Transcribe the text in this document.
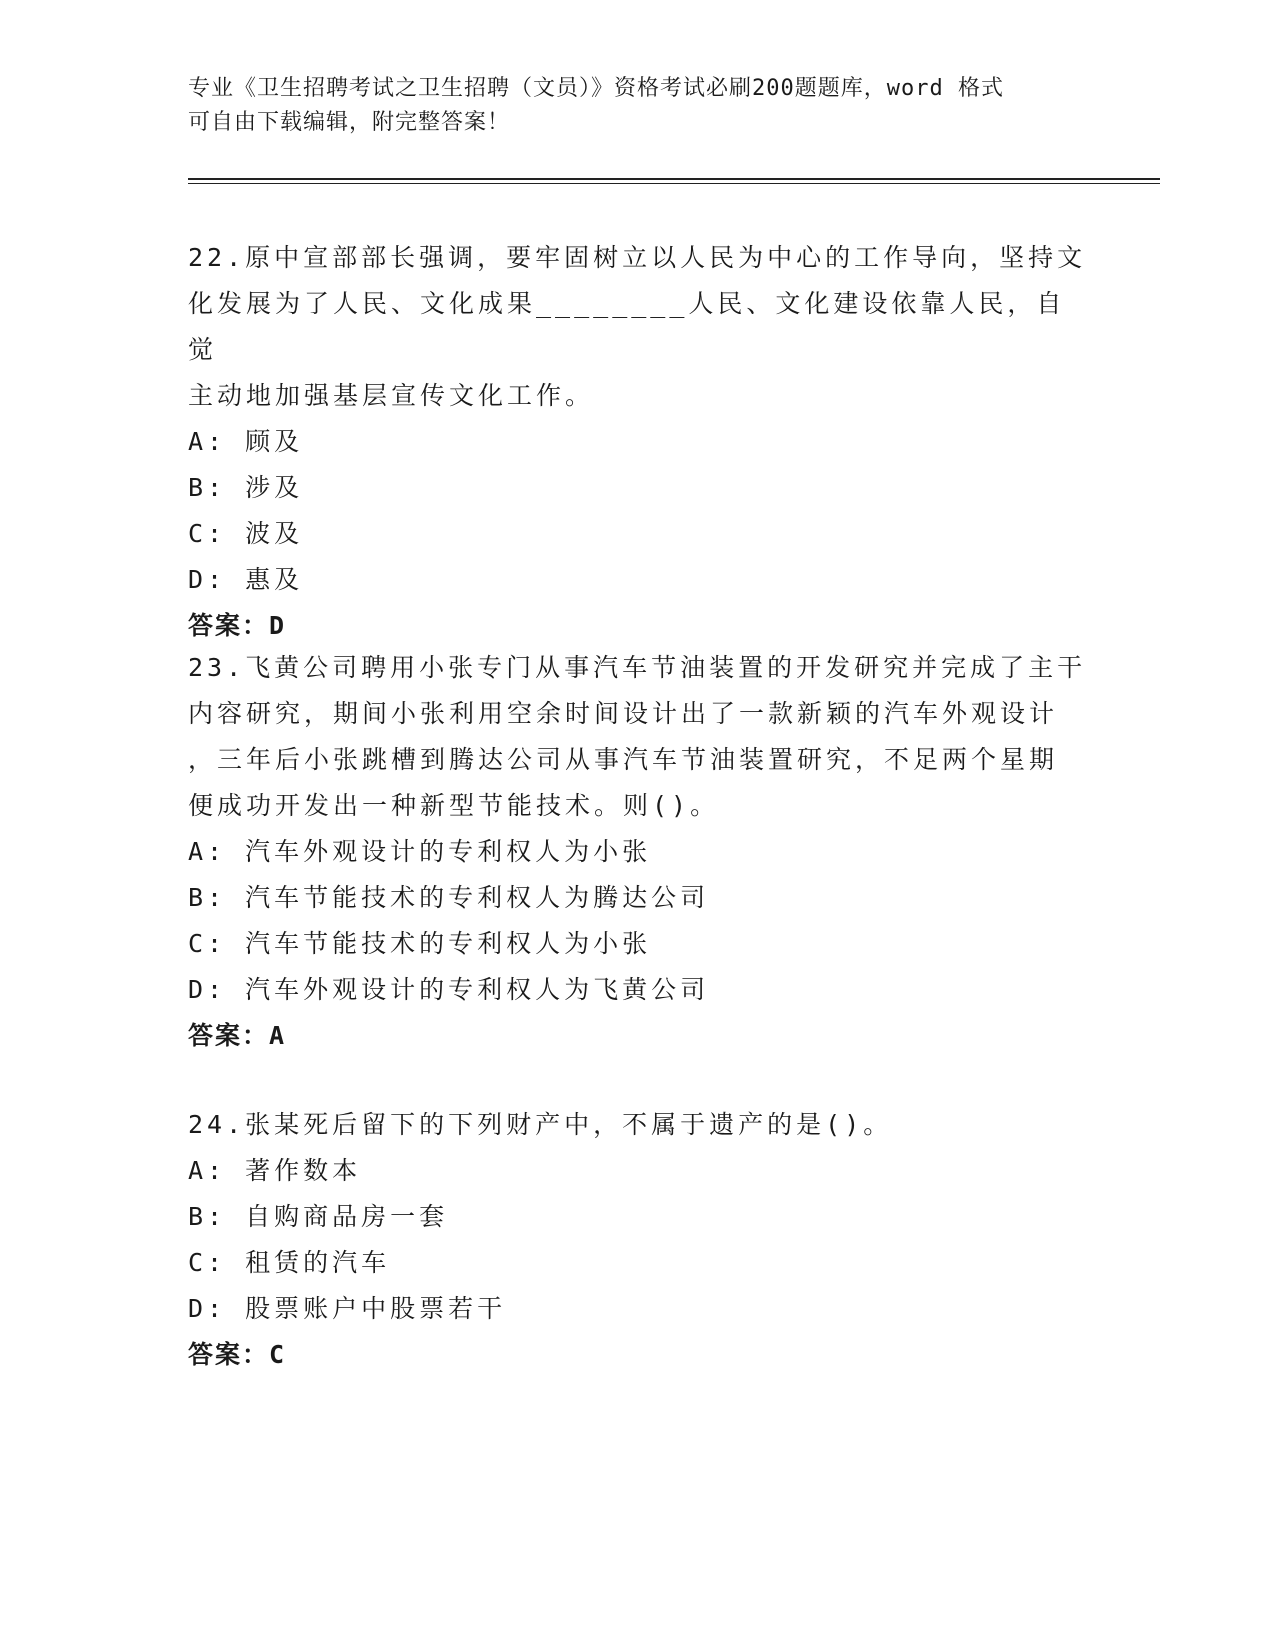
专业《卫生招聘考试之卫生招聘（文员）》资格考试必刷200题题库，word 格式
可自由下载编辑，附完整答案！

22.原中宣部部长强调，要牢固树立以人民为中心的工作导向，坚持文

化发展为了人民、文化成果________人民、文化建设依靠人民，自觉

主动地加强基层宣传文化工作。

A: 顾及

B: 涉及

C: 波及

D: 惠及

答案：D

23.飞黄公司聘用小张专门从事汽车节油装置的开发研究并完成了主干

内容研究，期间小张利用空余时间设计出了一款新颖的汽车外观设计

，三年后小张跳槽到腾达公司从事汽车节油装置研究，不足两个星期

便成功开发出一种新型节能技术。则()。

A: 汽车外观设计的专利权人为小张

B: 汽车节能技术的专利权人为腾达公司

C: 汽车节能技术的专利权人为小张

D: 汽车外观设计的专利权人为飞黄公司

答案：A

24.张某死后留下的下列财产中，不属于遗产的是()。

A: 著作数本

B: 自购商品房一套

C: 租赁的汽车

D: 股票账户中股票若干

答案：C
